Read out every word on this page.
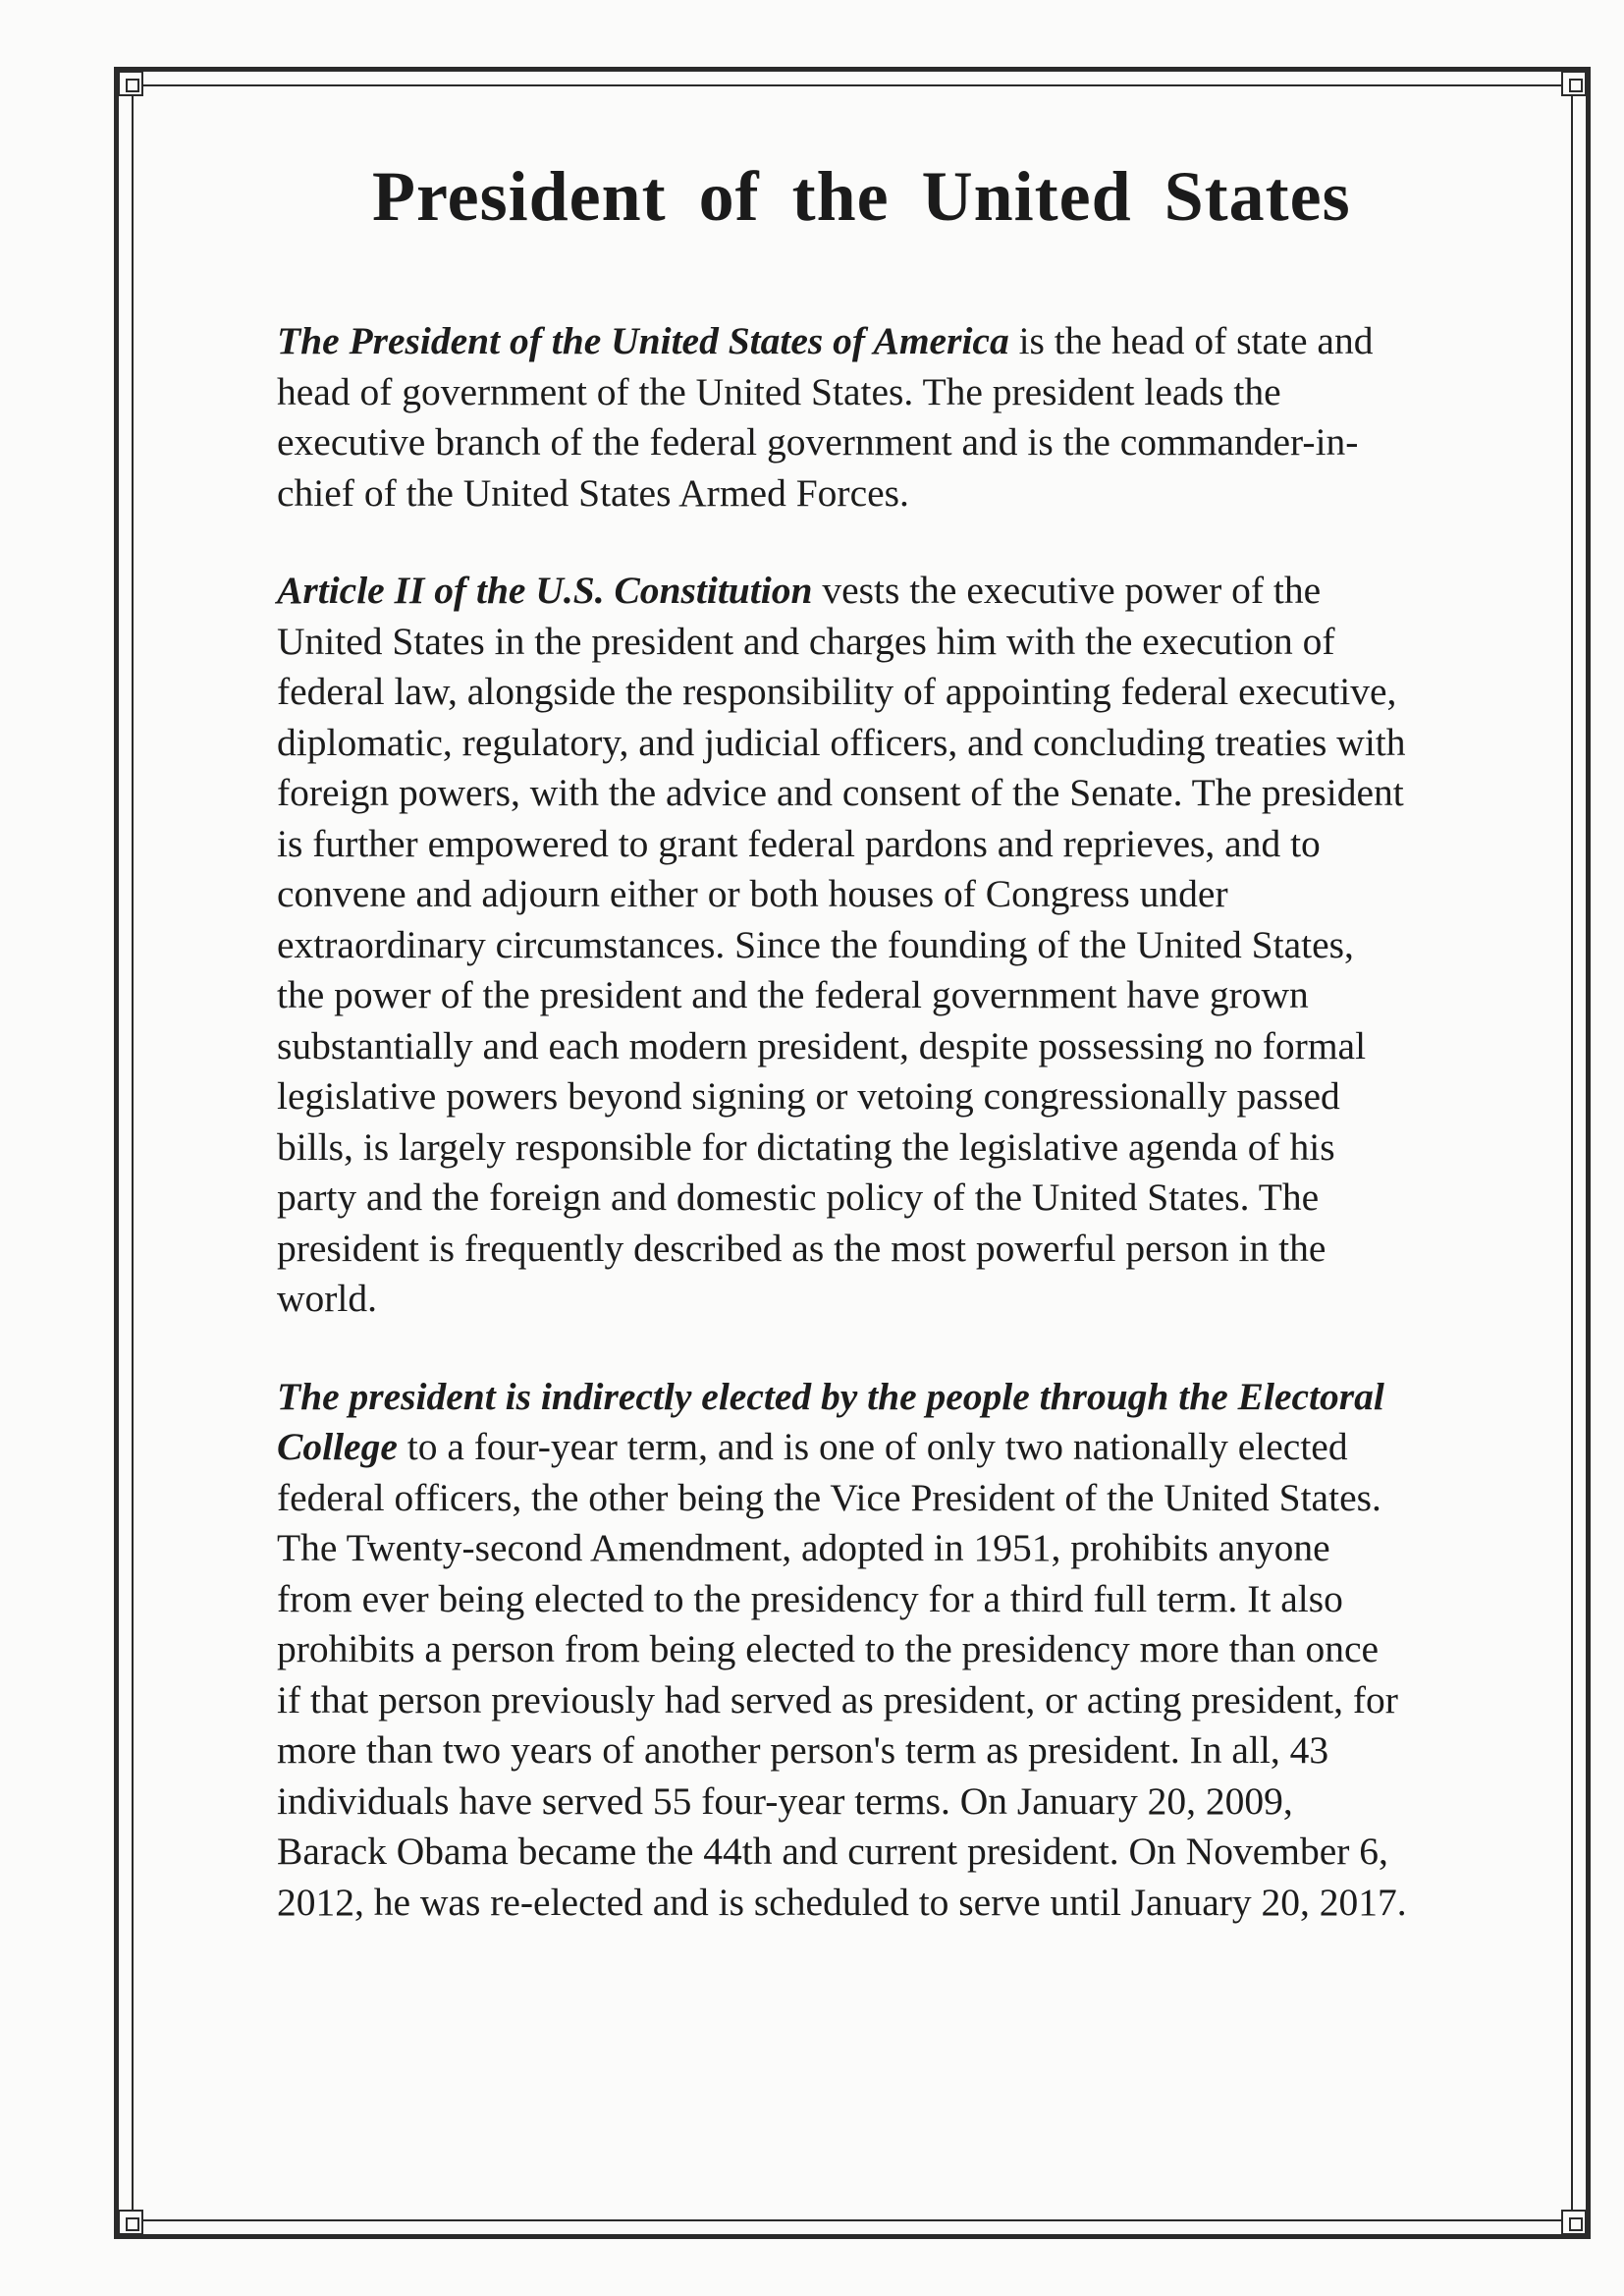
President of the United States

The President of the United States of America is the head of state and
head of government of the United States. The president leads the
executive branch of the federal government and is the commander-in-
chief of the United States Armed Forces.

Article II of the U.S. Constitution vests the executive power of the
United States in the president and charges him with the execution of
federal law, alongside the responsibility of appointing federal executive,
diplomatic, regulatory, and judicial officers, and concluding treaties with
foreign powers, with the advice and consent of the Senate. The president
is further empowered to grant federal pardons and reprieves, and to
convene and adjourn either or both houses of Congress under
extraordinary circumstances. Since the founding of the United States,
the power of the president and the federal government have grown
substantially and each modern president, despite possessing no formal
legislative powers beyond signing or vetoing congressionally passed
bills, is largely responsible for dictating the legislative agenda of his
party and the foreign and domestic policy of the United States. The
president is frequently described as the most powerful person in the
world.

The president is indirectly elected by the people through the Electoral
College to a four-year term, and is one of only two nationally elected
federal officers, the other being the Vice President of the United States.
The Twenty-second Amendment, adopted in 1951, prohibits anyone
from ever being elected to the presidency for a third full term. It also
prohibits a person from being elected to the presidency more than once
if that person previously had served as president, or acting president, for
more than two years of another person's term as president. In all, 43
individuals have served 55 four-year terms. On January 20, 2009,
Barack Obama became the 44th and current president. On November 6,
2012, he was re-elected and is scheduled to serve until January 20, 2017.
